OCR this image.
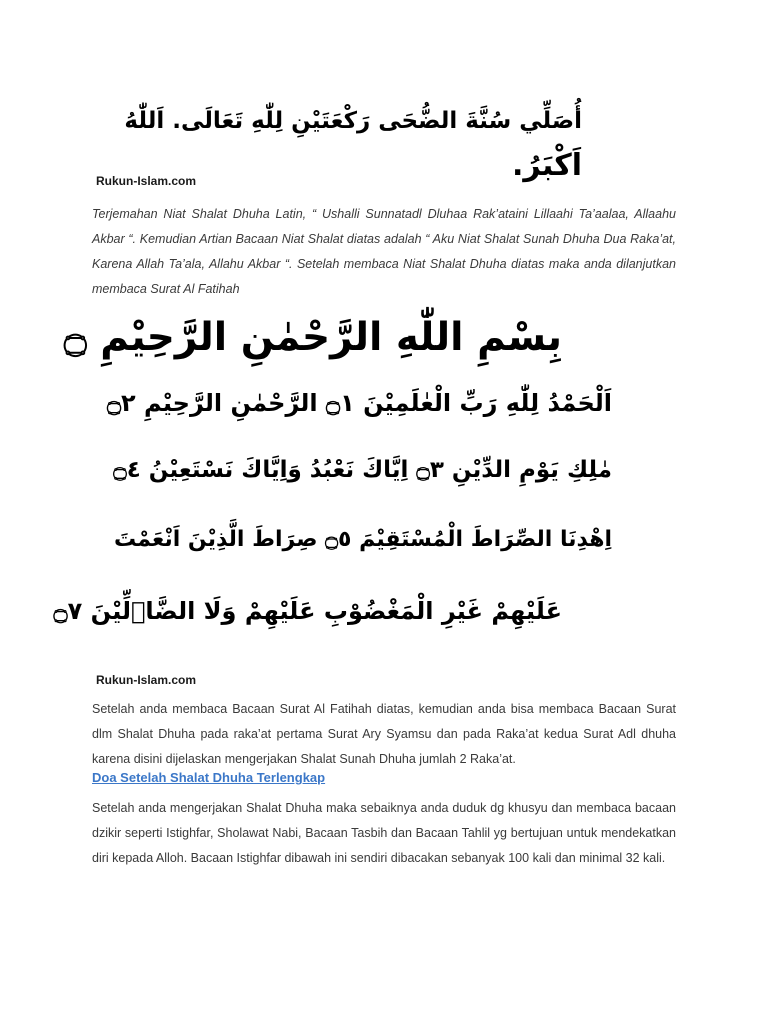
أُصَلِّي سُنَّةَ الضُّحَى رَكْعَتَيْنِ لِلّٰهِ تَعَالَى. اَللّٰهُ
اَكْبَرُ.
Rukun-Islam.com
Terjemahan Niat Shalat Dhuha Latin, “ Ushalli Sunnatadl Dluhaa Rak’ataini Lillaahi Ta’aalaa, Allaahu Akbar “. Kemudian Artian Bacaan Niat Shalat diatas adalah “ Aku Niat Shalat Sunah Dhuha Dua Raka’at, Karena Allah Ta’ala, Allahu Akbar “. Setelah membaca Niat Shalat Dhuha diatas maka anda dilanjutkan membaca Surat Al Fatihah
بِسْمِ اللّٰهِ الرَّحْمٰنِ الرَّحِيْمِ ۝
اَلْحَمْدُ لِلّٰهِ رَبِّ الْعٰلَمِيْنَ ۝١ الرَّحْمٰنِ الرَّحِيْمِ ۝٢
مٰلِكِ يَوْمِ الدِّيْنِ ۝٣ اِيَّاكَ نَعْبُدُ وَاِيَّاكَ نَسْتَعِيْنُ ۝٤
اِهْدِنَا الصِّرَاطَ الْمُسْتَقِيْمَ ۝٥ صِرَاطَ الَّذِيْنَ اَنْعَمْتَ
عَلَيْهِمْ غَيْرِ الْمَغْضُوْبِ عَلَيْهِمْ وَلَا الضَّاۤلِّيْنَ ۝٧
Rukun-Islam.com
Setelah anda membaca Bacaan Surat Al Fatihah diatas, kemudian anda bisa membaca Bacaan Surat dlm Shalat Dhuha pada raka’at pertama Surat Ary Syamsu dan pada Raka’at kedua Surat Adl dhuha karena disini dijelaskan mengerjakan Shalat Sunah Dhuha jumlah 2 Raka’at.
Doa Setelah Shalat Dhuha Terlengkap
Setelah anda mengerjakan Shalat Dhuha maka sebaiknya anda duduk dg khusyu dan membaca bacaan dzikir seperti Istighfar, Sholawat Nabi, Bacaan Tasbih dan Bacaan Tahlil yg bertujuan untuk mendekatkan diri kepada Alloh. Bacaan Istighfar dibawah ini sendiri dibacakan sebanyak 100 kali dan minimal 32 kali.
